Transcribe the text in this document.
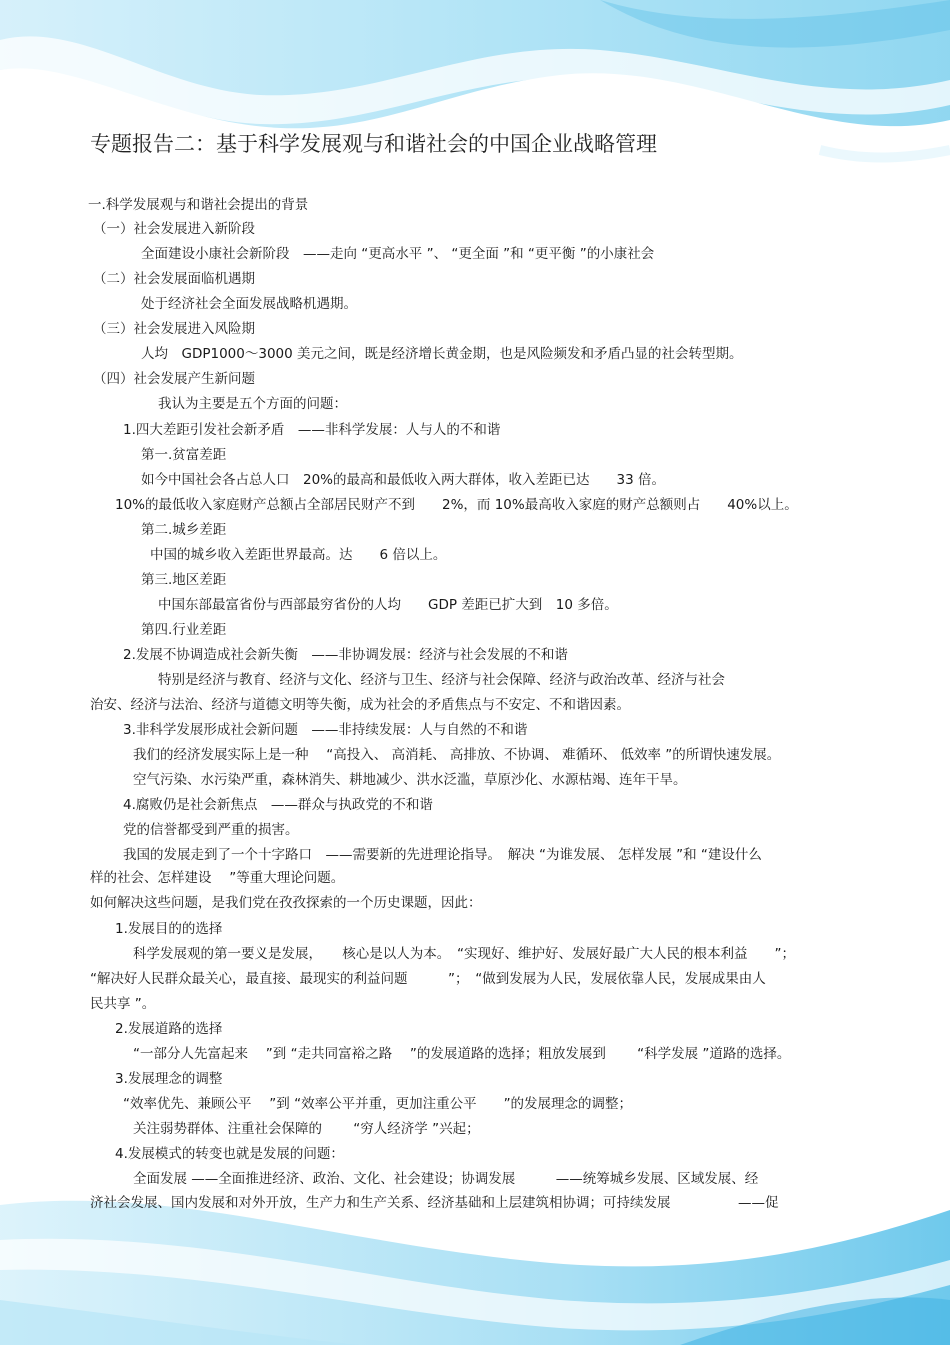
专题报告二：基于科学发展观与和谐社会的中国企业战略管理
一.科学发展观与和谐社会提出的背景
（一）社会发展进入新阶段
全面建设小康社会新阶段　——走向 “更高水平 ”、 “更全面 ”和 “更平衡 ”的小康社会
（二）社会发展面临机遇期
处于经济社会全面发展战略机遇期。
（三）社会发展进入风险期
人均　GDP1000～3000 美元之间，既是经济增长黄金期，也是风险频发和矛盾凸显的社会转型期。
（四）社会发展产生新问题
我认为主要是五个方面的问题：
1.四大差距引发社会新矛盾　——非科学发展：人与人的不和谐
第一.贫富差距
如今中国社会各占总人口　20%的最高和最低收入两大群体，收入差距已达　　33 倍。
10%的最低收入家庭财产总额占全部居民财产不到　　2%，而 10%最高收入家庭的财产总额则占　　40%以上。
第二.城乡差距
中国的城乡收入差距世界最高。达　　6 倍以上。
第三.地区差距
中国东部最富省份与西部最穷省份的人均　　GDP 差距已扩大到　10 多倍。
第四.行业差距
2.发展不协调造成社会新失衡　——非协调发展：经济与社会发展的不和谐
特别是经济与教育、经济与文化、经济与卫生、经济与社会保障、经济与政治改革、经济与社会
治安、经济与法治、经济与道德文明等失衡，成为社会的矛盾焦点与不安定、不和谐因素。
3.非科学发展形成社会新问题　——非持续发展：人与自然的不和谐
我们的经济发展实际上是一种　 “高投入、 高消耗、 高排放、不协调、 难循环、 低效率 ”的所谓快速发展。
空气污染、水污染严重，森林消失、耕地减少、洪水泛滥，草原沙化、水源枯竭、连年干旱。
4.腐败仍是社会新焦点　——群众与执政党的不和谐
党的信誉都受到严重的损害。
我国的发展走到了一个十字路口　——需要新的先进理论指导。　解决 “为谁发展、 怎样发展 ”和 “建设什么
样的社会、怎样建设　 ”等重大理论问题。
如何解决这些问题，是我们党在孜孜探索的一个历史课题，因此：
1.发展目的的选择
科学发展观的第一要义是发展，　　核心是以人为本。　“实现好、维护好、发展好最广大人民的根本利益　　”；
“解决好人民群众最关心，最直接、最现实的利益问题　　　”；　“做到发展为人民，发展依靠人民，发展成果由人
民共享 ”。
2.发展道路的选择
“一部分人先富起来　 ”到 “走共同富裕之路　 ”的发展道路的选择；粗放发展到　　 “科学发展 ”道路的选择。
3.发展理念的调整
“效率优先、兼顾公平　 ”到 “效率公平并重，更加注重公平　　”的发展理念的调整；
关注弱势群体、注重社会保障的　　 “穷人经济学 ”兴起；
4.发展模式的转变也就是发展的问题：
全面发展 ——全面推进经济、政治、文化、社会建设；协调发展　　　——统筹城乡发展、区域发展、经
济社会发展、国内发展和对外开放，生产力和生产关系、经济基础和上层建筑相协调；可持续发展　　　　　——促
